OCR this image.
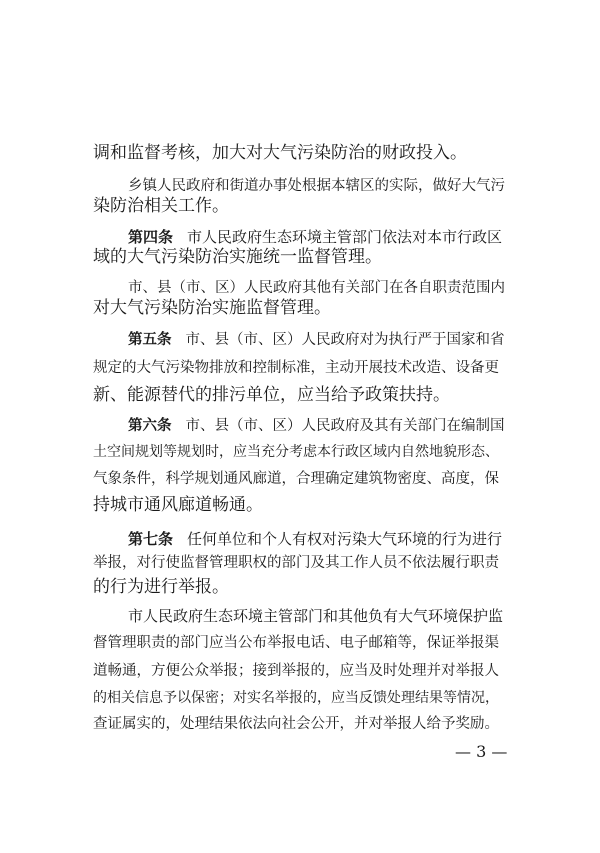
调和监督考核，加大对大气污染防治的财政投入。
乡镇人民政府和街道办事处根据本辖区的实际，做好大气污
染防治相关工作。
第四条 市人民政府生态环境主管部门依法对本市行政区
域的大气污染防治实施统一监督管理。
市、县（市、区）人民政府其他有关部门在各自职责范围内
对大气污染防治实施监督管理。
第五条 市、县（市、区）人民政府对为执行严于国家和省
规定的大气污染物排放和控制标准，主动开展技术改造、设备更
新、能源替代的排污单位，应当给予政策扶持。
第六条 市、县（市、区）人民政府及其有关部门在编制国
土空间规划等规划时，应当充分考虑本行政区域内自然地貌形态、
气象条件，科学规划通风廊道，合理确定建筑物密度、高度，保
持城市通风廊道畅通。
第七条 任何单位和个人有权对污染大气环境的行为进行
举报，对行使监督管理职权的部门及其工作人员不依法履行职责
的行为进行举报。
市人民政府生态环境主管部门和其他负有大气环境保护监
督管理职责的部门应当公布举报电话、电子邮箱等，保证举报渠
道畅通，方便公众举报；接到举报的，应当及时处理并对举报人
的相关信息予以保密；对实名举报的，应当反馈处理结果等情况，
查证属实的，处理结果依法向社会公开，并对举报人给予奖励。
— 3 —
